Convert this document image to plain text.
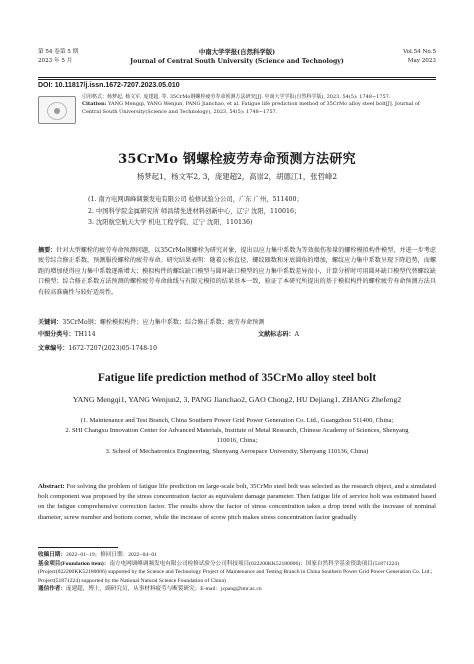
第 54 卷第 5 期
2023 年 5 月
中南大学学报(自然科学版)
Journal of Central South University (Science and Technology)
Vol.54 No.5
May 2023
DOI: 10.11817/j.issn.1672-7207.2023.05.010
引用格式：杨梦起, 杨文军, 庞建超, 等. 35CrMo钢螺栓疲劳寿命预测方法研究[J]. 中南大学学报(自然科学版), 2023, 54(5): 1748−1757.
Citation: YANG Mengqi, YANG Wenjun, PANG Jianchao, et al. Fatigue life prediction method of 35CrMo alloy steel bolt[J]. Journal of Central South University(Science and Technology), 2023, 54(5): 1748−1757.
35CrMo 钢螺栓疲劳寿命预测方法研究
杨梦起1，杨文军2, 3，庞建超2，高崇2，胡德江1，张哲峰2
(1. 南方电网调峰调频发电有限公司 检修试验分公司，广东 广州，511400；
2. 中国科学院金属研究所 师昌绪先进材料创新中心，辽宁 沈阳，110016；
3. 沈阳航空航天大学 机电工程学院，辽宁 沈阳，110136)
摘要：针对大型螺栓的疲劳寿命预测问题，以35CrMo钢螺栓为研究对象，提出以应力集中系数为等效损伤参量的螺栓模拟构件模型，并进一步考虑疲劳综合修正系数，预测服役螺栓的疲劳寿命。研究结果表明：随着公称直径、螺纹圈数和牙底圆角的增加，螺纹应力集中系数呈现下降趋势，而螺距的增加使得应力集中系数逐渐增大；模拟构件的螺纹缺口模型与圆环缺口模型的应力集中系数差异很小，计算分析时可用圆环缺口模型代替螺纹缺口模型；综合修正系数方法预测的螺栓疲劳寿命曲线与有限元模拟的结果基本一致，验证了本研究所提出的基于模拟构件的螺栓疲劳寿命预测方法具有较高准确性与较好适用性。
关键词：35CrMo钢；螺栓模拟构件；应力集中系数；综合修正系数；疲劳寿命预测
中图分类号：TH114	文献标志码：A
文章编号：1672-7207(2023)05-1748-10
Fatigue life prediction method of 35CrMo alloy steel bolt
YANG Mengqi1, YANG Wenjun2, 3, PANG Jianchao2, GAO Chong2, HU Dejiang1, ZHANG Zhefeng2
(1. Maintenance and Test Branch, China Southern Power Grid Power Generation Co. Ltd., Guangzhou 511400, China;
2. SHI Changxu Innovation Center for Advanced Materials, Institute of Metal Research, Chinese Academy of Sciences, Shenyang 110016, China;
3. School of Mechatronics Engineering, Shenyang Aerospace University, Shenyang 110136, China)
Abstract: For solving the problem of fatigue life prediction on large-scale bolt, 35CrMo steel bolt was selected as the research object, and a simulated bolt component was proposed by the stress concentration factor as equivalent damage parameter. Then fatigue life of service bolt was estimated based on the fatigue comprehensive correction factor. The results show the factor of stress concentration takes a drop trend with the increase of nominal diameter, screw number and bottom corner, while the increase of screw pitch makes stress concentration factor gradually
收稿日期：2022−01−19；修回日期：2022−04−01
基金项目(Foundation item)：南方电网调峰调频发电有限公司检修试验分公司科技项目(022200KK52180006)；国家自然科学基金资助项目(51871224) (Project(022200KK52180006) supported by the Science and Technology Project of Maintenance and Testing Branch in China Southern Power Grid Power Generation Co. Ltd.; Project(51871224) supported by the National Natural Science Foundation of China)
通信作者：庞建超，博士，副研究员，从事材料疲劳与断裂研究；E-mail：jcpang@imr.ac.cn
